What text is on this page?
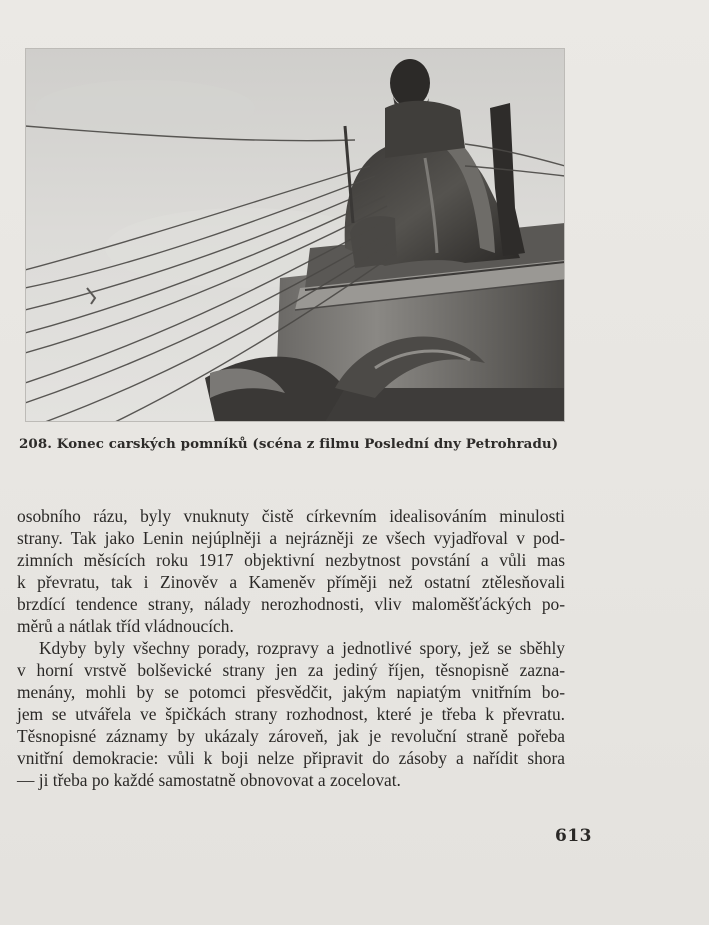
208. Konec carských pomníků (scéna z filmu Poslední dny Petrohradu)

osobního rázu, byly vnuknuty čistě církevním idealisováním minulosti
strany. Tak jako Lenin nejúplněji a nejrázněji ze všech vyjadřoval v pod-
zimních měsících roku 1917 objektivní nezbytnost povstání a vůli mas
k převratu, tak i Zinověv a Kameněv příměji než ostatní ztělesňovali
brzdící tendence strany, nálady nerozhodnosti, vliv maloměšťáckých po-
měrů a nátlak tříd vládnoucích.

Kdyby byly všechny porady, rozpravy a jednotlivé spory, jež se sběhly
v horní vrstvě bolševické strany jen za jediný říjen, těsnopisně zazna-
menány, mohli by se potomci přesvědčit, jakým napiatým vnitřním bo-
jem se utvářela ve špičkách strany rozhodnost, které je třeba k převratu.
Těsnopisné záznamy by ukázaly zároveň, jak je revoluční straně pořeba
vnitřní demokracie: vůli k boji nelze připravit do zásoby a nařídit shora
— ji třeba po každé samostatně obnovovat a zocelovat.

613
